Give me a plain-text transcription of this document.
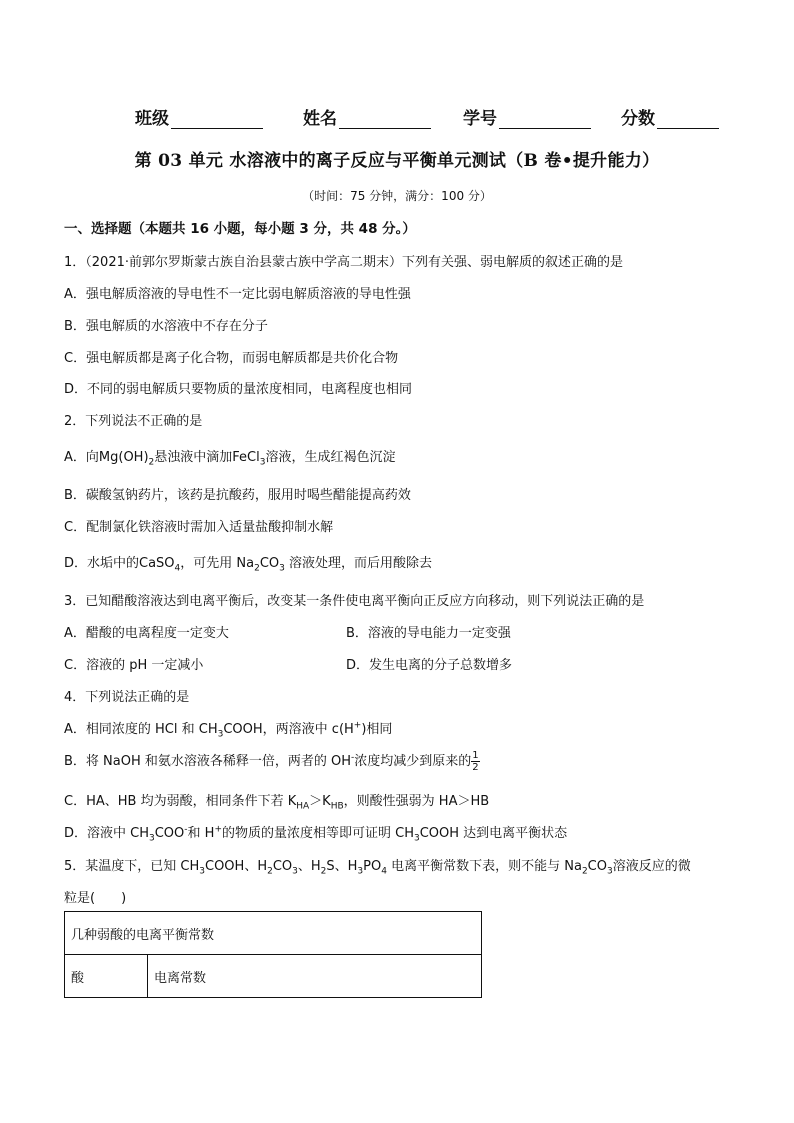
班级	姓名	学号	分数
第 03 单元 水溶液中的离子反应与平衡单元测试（B 卷•提升能力）
（时间：75 分钟，满分：100 分）
一、选择题（本题共 16 小题，每小题 3 分，共 48 分。）
1．（2021·前郭尔罗斯蒙古族自治县蒙古族中学高二期末）下列有关强、弱电解质的叙述正确的是
A．强电解质溶液的导电性不一定比弱电解质溶液的导电性强
B．强电解质的水溶液中不存在分子
C．强电解质都是离子化合物，而弱电解质都是共价化合物
D．不同的弱电解质只要物质的量浓度相同，电离程度也相同
2．下列说法不正确的是
A．向$Mg(OH)_2$悬浊液中滴加FeCl$_3$溶液，生成红褐色沉淀
B．碳酸氢钠药片，该药是抗酸药，服用时喝些醋能提高药效
C．配制氯化铁溶液时需加入适量盐酸抑制水解
D．水垢中的CaSO$_4$，可先用 $Na_2CO_3$ 溶液处理，而后用酸除去
3．已知醋酸溶液达到电离平衡后，改变某一条件使电离平衡向正反应方向移动，则下列说法正确的是
A．醋酸的电离程度一定变大	B．溶液的导电能力一定变强
C．溶液的 pH 一定减小	D．发生电离的分子总数增多
4．下列说法正确的是
A．相同浓度的 HCl 和 $CH_3COOH$，两溶液中 c(H+)相同
B．将 NaOH 和氨水溶液各稀释一倍，两者的 OH-浓度均减少到原来的 $\frac{1}{2}$
C．HA、HB 均为弱酸，相同条件下若 $K_{HA}>K_{HB}$，则酸性强弱为 HA＞HB
D．溶液中 $CH_3COO^-$和 H+的物质的量浓度相等即可证明 $CH_3COOH$ 达到电离平衡状态
5．某温度下，已知 $CH_3COOH$、$H_2CO_3$、$H_2S$、$H_3PO_4$ 电离平衡常数下表，则不能与 $Na_2CO_3$溶液反应的微
粒是(　　)
几种弱酸的电离平衡常数
酸	电离常数
